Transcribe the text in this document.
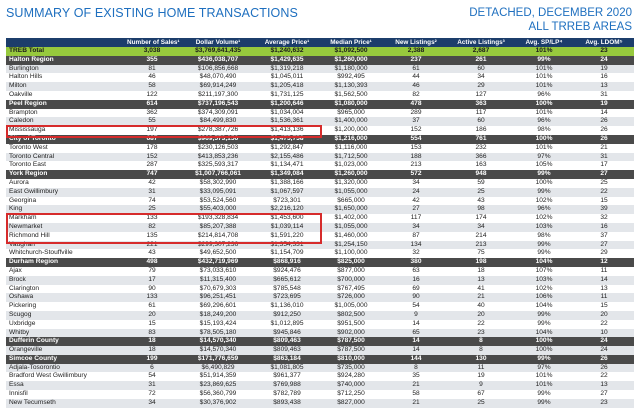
SUMMARY OF EXISTING HOME TRANSACTIONS	DETACHED, DECEMBER 2020
ALL TRREB AREAS
	Number of Sales¹	Dollar Volume¹	Average Price¹	Median Price¹	New Listings²	Active Listings³	Avg. SP/LP⁴	Avg. LDOM⁵
TREB Total	3,038	$3,769,641,435	$1,240,632	$1,092,500	2,388	2,687	101%	23
Halton Region	355	$436,038,707	$1,429,635	$1,260,000	237	261	99%	24
Burlington	81	$106,856,668	$1,319,218	$1,180,000	61	60	101%	19
Halton Hills	46	$48,070,490	$1,045,011	$992,495	44	34	101%	16
Milton	58	$69,914,249	$1,205,418	$1,130,393	46	29	101%	13
Oakville	122	$211,197,300	$1,731,125	$1,562,500	82	127	96%	31
Peel Region	614	$737,196,543	$1,200,646	$1,080,000	478	363	100%	19
Brampton	362	$374,309,091	$1,034,004	$965,000	289	117	101%	14
Caledon	55	$84,499,830	$1,536,361	$1,400,000	37	60	96%	26
Mississauga	197	$278,387,726	$1,413,136	$1,200,000	152	186	98%	26
City of Toronto	687	$969,573,156	$1,475,758	$1,216,000	554	761	100%	26
Toronto West	178	$230,126,503	$1,292,847	$1,116,000	153	232	101%	21
Toronto Central	152	$413,853,236	$2,155,486	$1,712,500	188	366	97%	31
Toronto East	287	$325,593,317	$1,134,471	$1,023,000	213	163	105%	17
York Region	747	$1,007,766,061	$1,349,084	$1,260,000	572	948	99%	27
Aurora	42	$58,302,990	$1,388,166	$1,320,000	34	59	100%	25
East Gwillimbury	31	$33,095,091	$1,067,597	$1,055,000	24	25	99%	22
Georgina	74	$53,524,560	$723,301	$665,000	42	43	102%	15
King	25	$55,403,000	$2,216,120	$1,650,000	27	98	96%	39
Markham	133	$193,328,834	$1,453,600	$1,402,000	117	174	102%	32
Newmarket	82	$85,207,388	$1,039,114	$1,055,000	34	34	103%	16
Richmond Hill	135	$214,814,708	$1,591,220	$1,460,000	87	214	98%	37
Vaughan	221	$299,307,236	$1,354,331	$1,254,150	134	213	99%	27
Whitchurch-Stouffville	43	$49,652,500	$1,154,709	$1,100,000	32	75	99%	29
Durham Region	498	$432,719,969	$868,916	$825,000	380	198	104%	12
Ajax	79	$73,033,610	$924,476	$877,000	63	18	107%	11
Brock	17	$11,315,400	$665,612	$700,000	16	13	103%	14
Clarington	90	$70,679,303	$785,548	$767,495	69	41	102%	13
Oshawa	133	$96,251,451	$723,695	$726,000	90	21	106%	11
Pickering	61	$69,296,601	$1,136,010	$1,005,000	54	40	104%	15
Scugog	20	$18,249,200	$912,250	$802,500	9	20	99%	20
Uxbridge	15	$15,193,424	$1,012,895	$951,500	14	22	99%	22
Whitby	83	$78,505,180	$945,846	$902,000	65	23	104%	10
Dufferin County	18	$14,570,340	$809,463	$787,500	14	8	100%	24
Orangeville	18	$14,570,340	$809,463	$787,500	14	8	100%	24
Simcoe County	199	$171,776,659	$863,184	$810,000	144	130	99%	26
Adjala-Tosorontio	6	$6,490,829	$1,081,805	$735,000	8	11	97%	26
Bradford West Gwillimbury	54	$51,914,359	$961,377	$924,280	35	19	101%	22
Essa	31	$23,869,625	$769,988	$740,000	21	9	101%	13
Innisfil	72	$56,360,799	$782,789	$712,250	58	67	99%	27
New Tecumseth	34	$30,376,902	$893,438	$827,000	21	25	99%	23
